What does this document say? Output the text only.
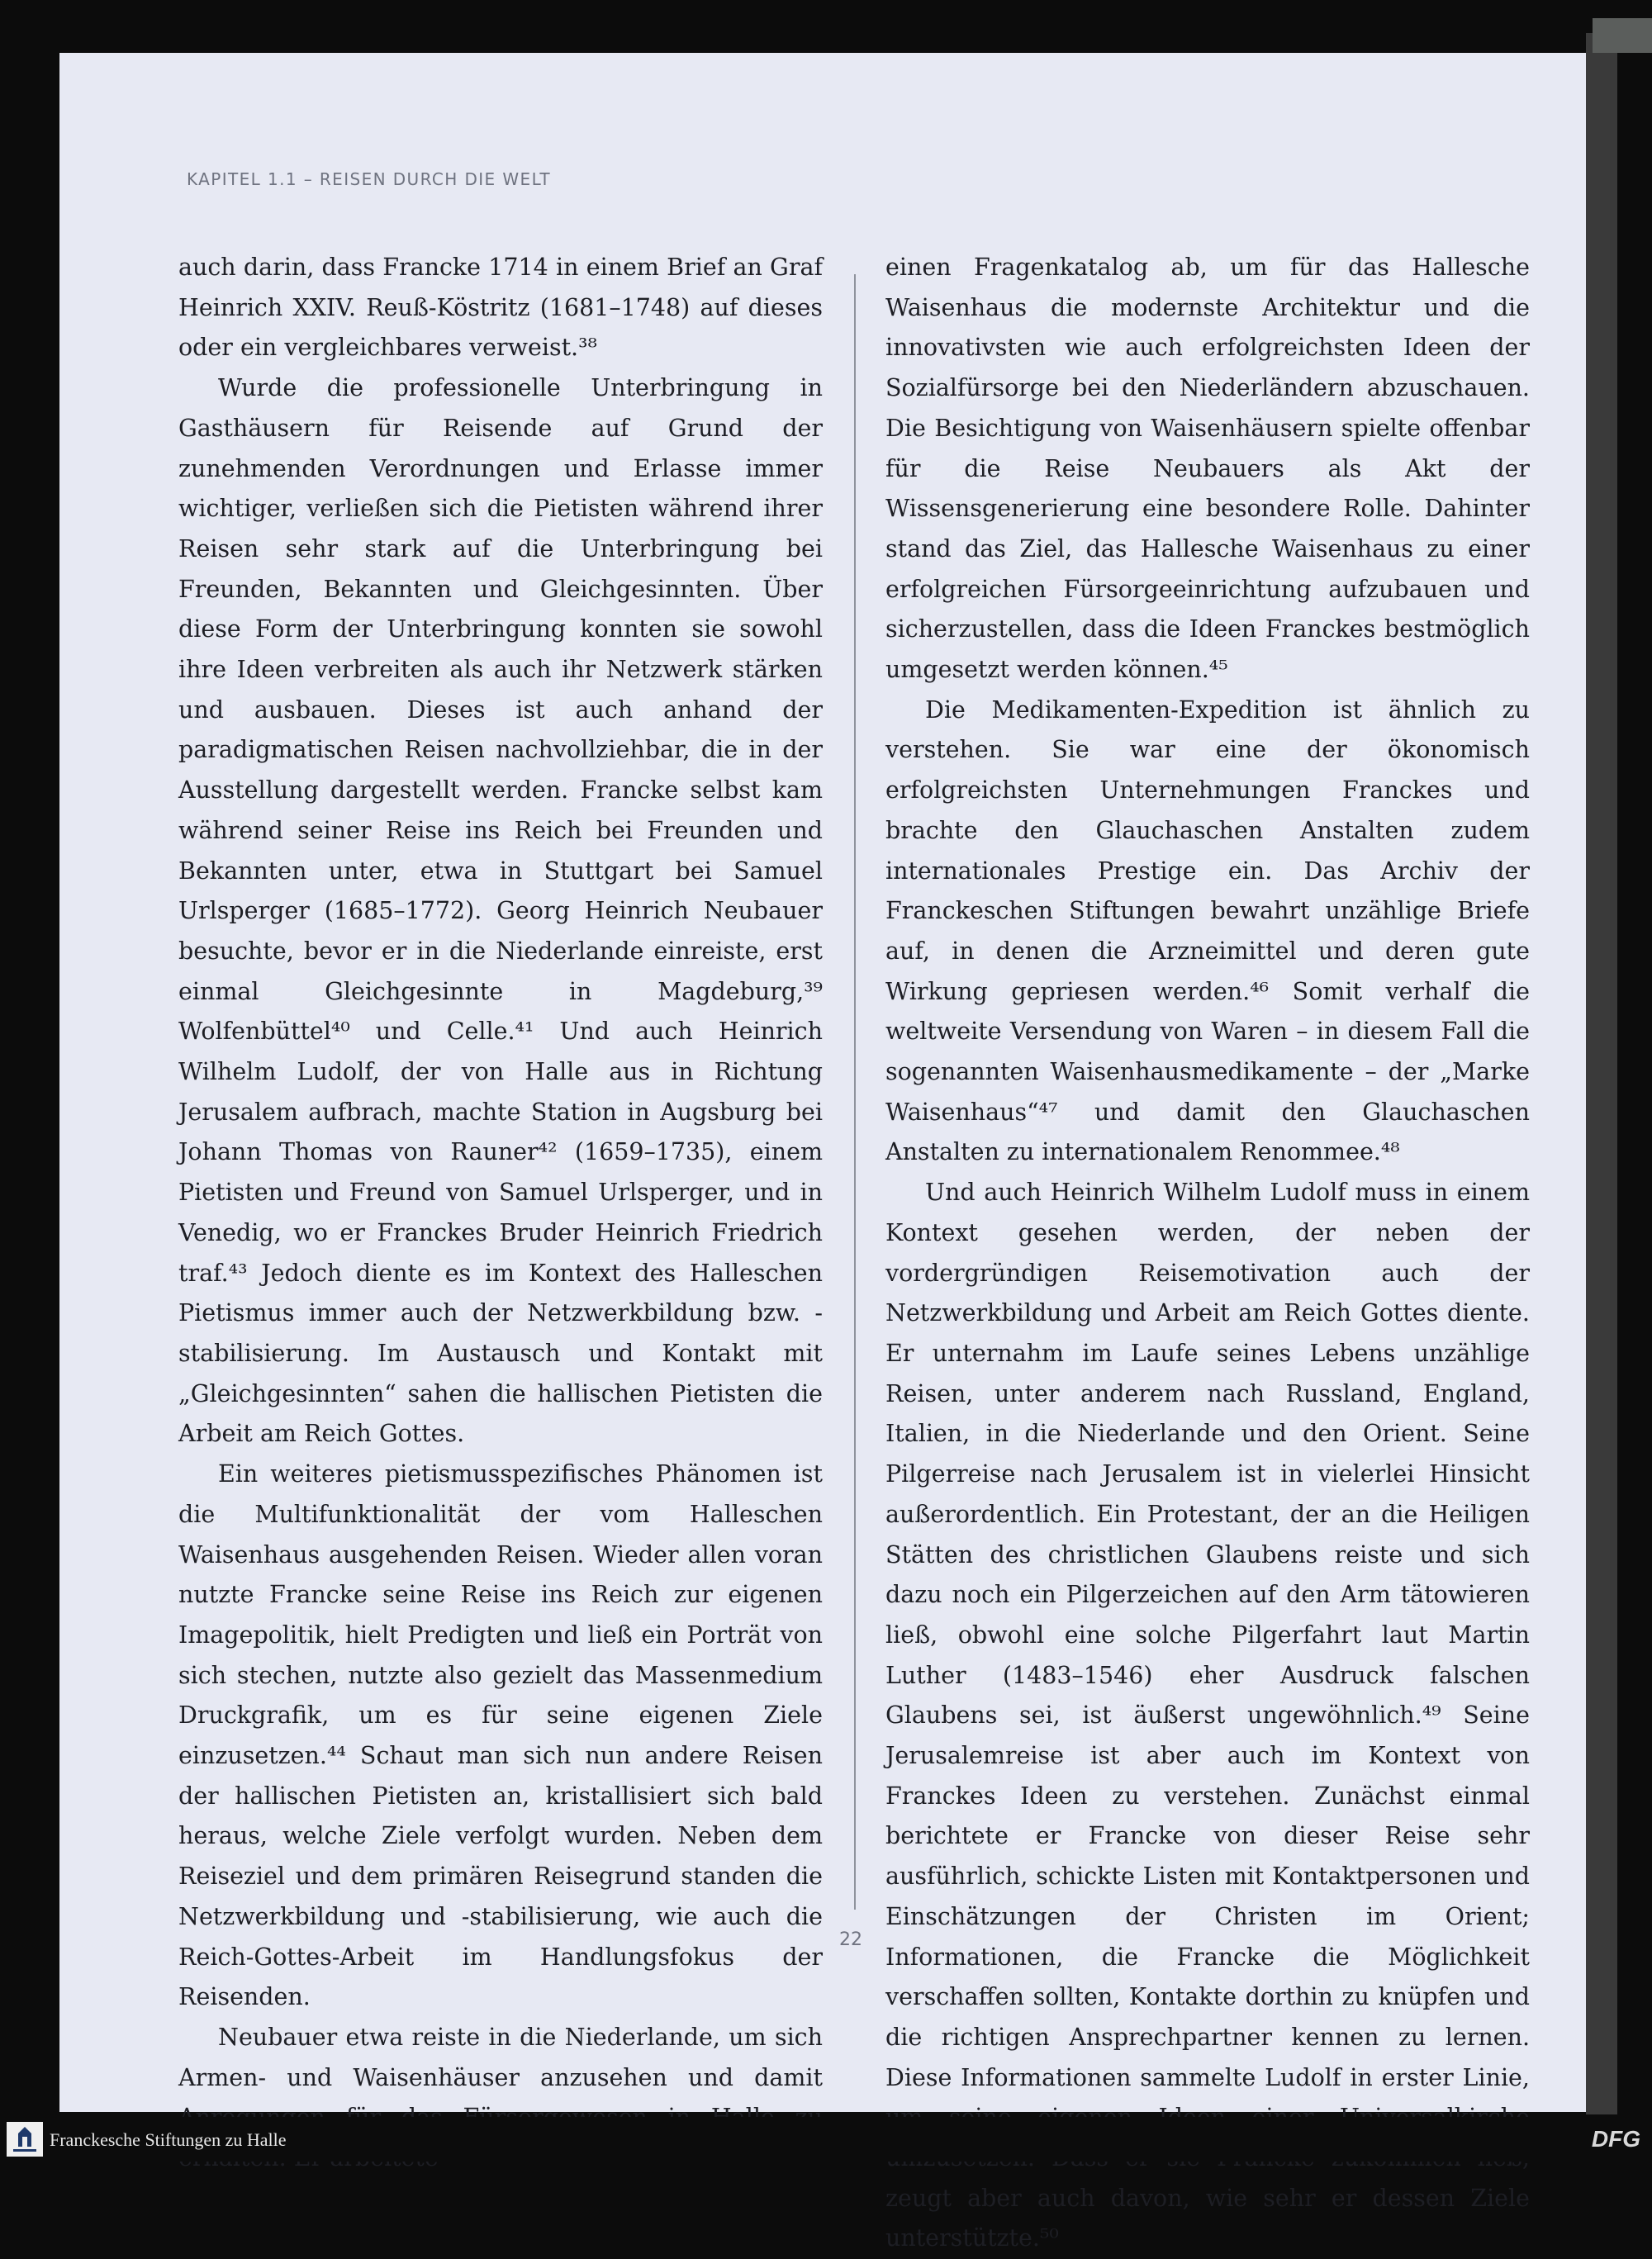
KAPITEL 1.1 – REISEN DURCH DIE WELT

auch darin, dass Francke 1714 in einem Brief an Graf Heinrich XXIV. Reuß-Köstritz (1681–1748) auf dieses oder ein vergleichbares verweist.³⁸

Wurde die professionelle Unterbringung in Gasthäusern für Reisende auf Grund der zunehmenden Verordnungen und Erlasse immer wichtiger, verließen sich die Pietisten während ihrer Reisen sehr stark auf die Unterbringung bei Freunden, Bekannten und Gleichgesinnten. Über diese Form der Unterbringung konnten sie sowohl ihre Ideen verbreiten als auch ihr Netzwerk stärken und ausbauen. Dieses ist auch anhand der paradigmatischen Reisen nachvollziehbar, die in der Ausstellung dargestellt werden. Francke selbst kam während seiner Reise ins Reich bei Freunden und Bekannten unter, etwa in Stuttgart bei Samuel Urlsperger (1685–1772). Georg Heinrich Neubauer besuchte, bevor er in die Niederlande einreiste, erst einmal Gleichgesinnte in Magdeburg,³⁹ Wolfenbüttel⁴⁰ und Celle.⁴¹ Und auch Heinrich Wilhelm Ludolf, der von Halle aus in Richtung Jerusalem aufbrach, machte Station in Augsburg bei Johann Thomas von Rauner⁴² (1659–1735), einem Pietisten und Freund von Samuel Urlsperger, und in Venedig, wo er Franckes Bruder Heinrich Friedrich traf.⁴³ Jedoch diente es im Kontext des Halleschen Pietismus immer auch der Netzwerkbildung bzw. -stabilisierung. Im Austausch und Kontakt mit „Gleichgesinnten“ sahen die hallischen Pietisten die Arbeit am Reich Gottes.

Ein weiteres pietismusspezifisches Phänomen ist die Multifunktionalität der vom Halleschen Waisenhaus ausgehenden Reisen. Wieder allen voran nutzte Francke seine Reise ins Reich zur eigenen Imagepolitik, hielt Predigten und ließ ein Porträt von sich stechen, nutzte also gezielt das Massenmedium Druckgrafik, um es für seine eigenen Ziele einzusetzen.⁴⁴ Schaut man sich nun andere Reisen der hallischen Pietisten an, kristallisiert sich bald heraus, welche Ziele verfolgt wurden. Neben dem Reiseziel und dem primären Reisegrund standen die Netzwerkbildung und -stabilisierung, wie auch die Reich-Gottes-Arbeit im Handlungsfokus der Reisenden.

Neubauer etwa reiste in die Niederlande, um sich Armen- und Waisenhäuser anzusehen und damit

einen Fragenkatalog ab, um für das Hallesche Waisenhaus die modernste Architektur und die innovativsten wie auch erfolgreichsten Ideen der Sozialfürsorge bei den Niederländern abzuschauen. Die Besichtigung von Waisenhäusern spielte offenbar für die Reise Neubauers als Akt der Wissensgenerierung eine besondere Rolle. Dahinter stand das Ziel, das Hallesche Waisenhaus zu einer erfolgreichen Fürsorgeeinrichtung aufzubauen und sicherzustellen, dass die Ideen Franckes bestmöglich umgesetzt werden können.⁴⁵

Die Medikamenten-Expedition ist ähnlich zu verstehen. Sie war eine der ökonomisch erfolgreichsten Unternehmungen Franckes und brachte den Glauchaschen Anstalten zudem internationales Prestige ein. Das Archiv der Franckeschen Stiftungen bewahrt unzählige Briefe auf, in denen die Arzneimittel und deren gute Wirkung gepriesen werden.⁴⁶ Somit verhalf die weltweite Versendung von Waren – in diesem Fall die sogenannten Waisenhausmedikamente – der „Marke Waisenhaus“⁴⁷ und damit den Glauchaschen Anstalten zu internationalem Renommee.⁴⁸

Und auch Heinrich Wilhelm Ludolf muss in einem Kontext gesehen werden, der neben der vordergründigen Reisemotivation auch der Netzwerkbildung und Arbeit am Reich Gottes diente. Er unternahm im Laufe seines Lebens unzählige Reisen, unter anderem nach Russland, England, Italien, in die Niederlande und den Orient. Seine Pilgerreise nach Jerusalem ist in vielerlei Hinsicht außerordentlich. Ein Protestant, der an die Heiligen Stätten des christlichen Glaubens reiste und sich dazu noch ein Pilgerzeichen auf den Arm tätowieren ließ, obwohl eine solche Pilgerfahrt laut Martin Luther (1483–1546) eher Ausdruck falschen Glaubens sei, ist äußerst ungewöhnlich.⁴⁹ Seine Jerusalemreise ist aber auch im Kontext von Franckes Ideen zu verstehen. Zunächst einmal berichtete er Francke von dieser Reise sehr ausführlich, schickte Listen mit Kontaktpersonen und Einschätzungen der Christen im Orient; Informationen, die Francke die Möglichkeit verschaffen sollten, Kontakte dorthin zu knüpfen und die richtigen Ansprechpartner kennen zu lernen. Diese Informationen sammelte Ludolf in erster Linie, zeugt aber auch davon, wie sehr er dessen Ziele unterstützte.⁵⁰

22
Franckesche Stiftungen zu Halle	DFG
